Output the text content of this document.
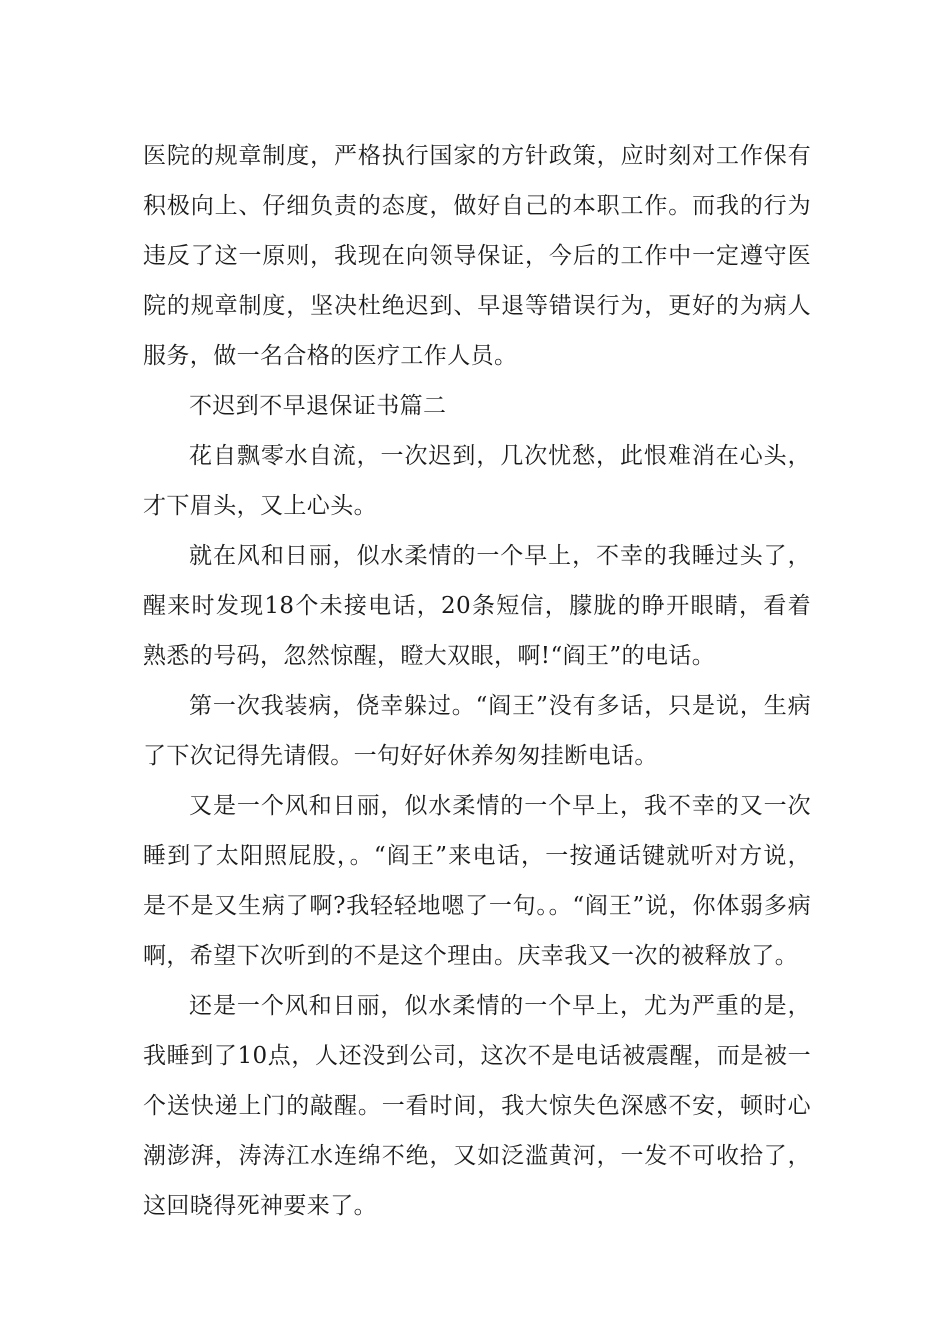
医院的规章制度，严格执行国家的方针政策，应时刻对工作保有积极向上、仔细负责的态度，做好自己的本职工作。而我的行为违反了这一原则，我现在向领导保证，今后的工作中一定遵守医院的规章制度，坚决杜绝迟到、早退等错误行为，更好的为病人服务，做一名合格的医疗工作人员。

不迟到不早退保证书篇二

花自飘零水自流，一次迟到，几次忧愁，此恨难消在心头，才下眉头，又上心头。

就在风和日丽，似水柔情的一个早上，不幸的我睡过头了，醒来时发现18个未接电话，20条短信，朦胧的睁开眼睛，看着熟悉的号码，忽然惊醒，瞪大双眼，啊!“阎王”的电话。

第一次我装病，侥幸躲过。“阎王”没有多话，只是说，生病了下次记得先请假。一句好好休养匆匆挂断电话。

又是一个风和日丽，似水柔情的一个早上，我不幸的又一次睡到了太阳照屁股，。“阎王”来电话，一按通话键就听对方说，是不是又生病了啊?我轻轻地嗯了一句。。“阎王”说，你体弱多病啊，希望下次听到的不是这个理由。庆幸我又一次的被释放了。

还是一个风和日丽，似水柔情的一个早上，尤为严重的是，我睡到了10点，人还没到公司，这次不是电话被震醒，而是被一个送快递上门的敲醒。一看时间，我大惊失色深感不安，顿时心潮澎湃，涛涛江水连绵不绝，又如泛滥黄河，一发不可收拾了，这回晓得死神要来了。
